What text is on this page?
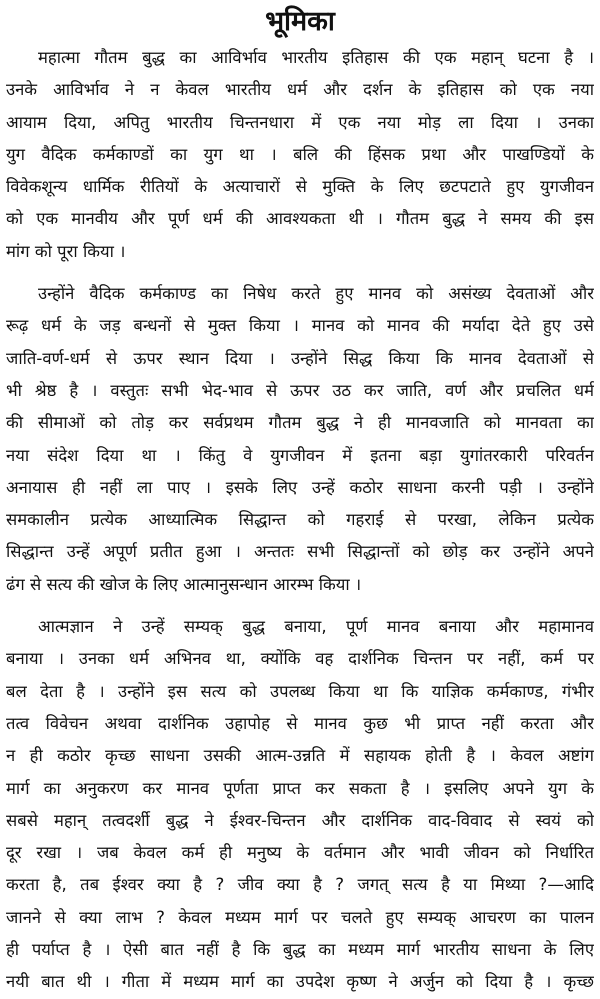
भूमिका
महात्मा गौतम बुद्ध का आविर्भाव भारतीय इतिहास की एक महान् घटना है ।
उनके आविर्भाव ने न केवल भारतीय धर्म और दर्शन के इतिहास को एक नया
आयाम दिया, अपितु भारतीय चिन्तनधारा में एक नया मोड़ ला दिया । उनका
युग वैदिक कर्मकाण्डों का युग था । बलि की हिंसक प्रथा और पाखण्डियों के
विवेकशून्य धार्मिक रीतियों के अत्याचारों से मुक्ति के लिए छटपटाते हुए युगजीवन
को एक मानवीय और पूर्ण धर्म की आवश्यकता थी । गौतम बुद्ध ने समय की इस
मांग को पूरा किया ।
उन्होंने वैदिक कर्मकाण्ड का निषेध करते हुए मानव को असंख्य देवताओं और
रूढ़ धर्म के जड़ बन्धनों से मुक्त किया । मानव को मानव की मर्यादा देते हुए उसे
जाति-वर्ण-धर्म से ऊपर स्थान दिया । उन्होंने सिद्ध किया कि मानव देवताओं से
भी श्रेष्ठ है । वस्तुतः सभी भेद-भाव से ऊपर उठ कर जाति, वर्ण और प्रचलित धर्म
की सीमाओं को तोड़ कर सर्वप्रथम गौतम बुद्ध ने ही मानवजाति को मानवता का
नया संदेश दिया था । किंतु वे युगजीवन में इतना बड़ा युगांतरकारी परिवर्तन
अनायास ही नहीं ला पाए । इसके लिए उन्हें कठोर साधना करनी पड़ी । उन्होंने
समकालीन प्रत्येक आध्यात्मिक सिद्धान्त को गहराई से परखा, लेकिन प्रत्येक
सिद्धान्त उन्हें अपूर्ण प्रतीत हुआ । अन्ततः सभी सिद्धान्तों को छोड़ कर उन्होंने अपने
ढंग से सत्य की खोज के लिए आत्मानुसन्धान आरम्भ किया ।
आत्मज्ञान ने उन्हें सम्यक् बुद्ध बनाया, पूर्ण मानव बनाया और महामानव
बनाया । उनका धर्म अभिनव था, क्योंकि वह दार्शनिक चिन्तन पर नहीं, कर्म पर
बल देता है । उन्होंने इस सत्य को उपलब्ध किया था कि याज्ञिक कर्मकाण्ड, गंभीर
तत्व विवेचन अथवा दार्शनिक उहापोह से मानव कुछ भी प्राप्त नहीं करता और
न ही कठोर कृच्छ साधना उसकी आत्म-उन्नति में सहायक होती है । केवल अष्टांग
मार्ग का अनुकरण कर मानव पूर्णता प्राप्त कर सकता है । इसलिए अपने युग के
सबसे महान् तत्वदर्शी बुद्ध ने ईश्वर-चिन्तन और दार्शनिक वाद-विवाद से स्वयं को
दूर रखा । जब केवल कर्म ही मनुष्य के वर्तमान और भावी जीवन को निर्धारित
करता है, तब ईश्वर क्या है ? जीव क्या है ? जगत् सत्य है या मिथ्या ?—आदि
जानने से क्या लाभ ? केवल मध्यम मार्ग पर चलते हुए सम्यक् आचरण का पालन
ही पर्याप्त है । ऐसी बात नहीं है कि बुद्ध का मध्यम मार्ग भारतीय साधना के लिए
नयी बात थी । गीता में मध्यम मार्ग का उपदेश कृष्ण ने अर्जुन को दिया है । कृच्छ
